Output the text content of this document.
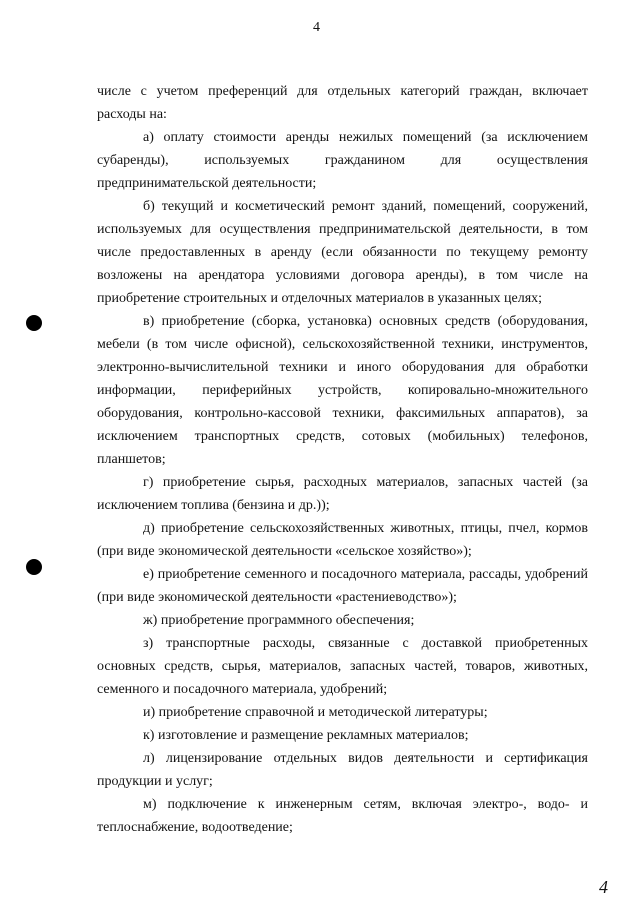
4

числе с учетом преференций для отдельных категорий граждан, включает расходы на:

а) оплату стоимости аренды нежилых помещений (за исключением субаренды), используемых гражданином для осуществления предпринимательской деятельности;

б) текущий и косметический ремонт зданий, помещений, сооружений, используемых для осуществления предпринимательской деятельности, в том числе предоставленных в аренду (если обязанности по текущему ремонту возложены на арендатора условиями договора аренды), в том числе на приобретение строительных и отделочных материалов в указанных целях;

в) приобретение (сборка, установка) основных средств (оборудования, мебели (в том числе офисной), сельскохозяйственной техники, инструментов, электронно-вычислительной техники и иного оборудования для обработки информации, периферийных устройств, копировально-множительного оборудования, контрольно-кассовой техники, факсимильных аппаратов), за исключением транспортных средств, сотовых (мобильных) телефонов, планшетов;

г) приобретение сырья, расходных материалов, запасных частей (за исключением топлива (бензина и др.));

д) приобретение сельскохозяйственных животных, птицы, пчел, кормов (при виде экономической деятельности «сельское хозяйство»);

е) приобретение семенного и посадочного материала, рассады, удобрений (при виде экономической деятельности «растениеводство»);

ж) приобретение программного обеспечения;

з) транспортные расходы, связанные с доставкой приобретенных основных средств, сырья, материалов, запасных частей, товаров, животных, семенного и посадочного материала, удобрений;

и) приобретение справочной и методической литературы;

к) изготовление и размещение рекламных материалов;

л) лицензирование отдельных видов деятельности и сертификация продукции и услуг;

м) подключение к инженерным сетям, включая электро-, водо- и теплоснабжение, водоотведение;

4
